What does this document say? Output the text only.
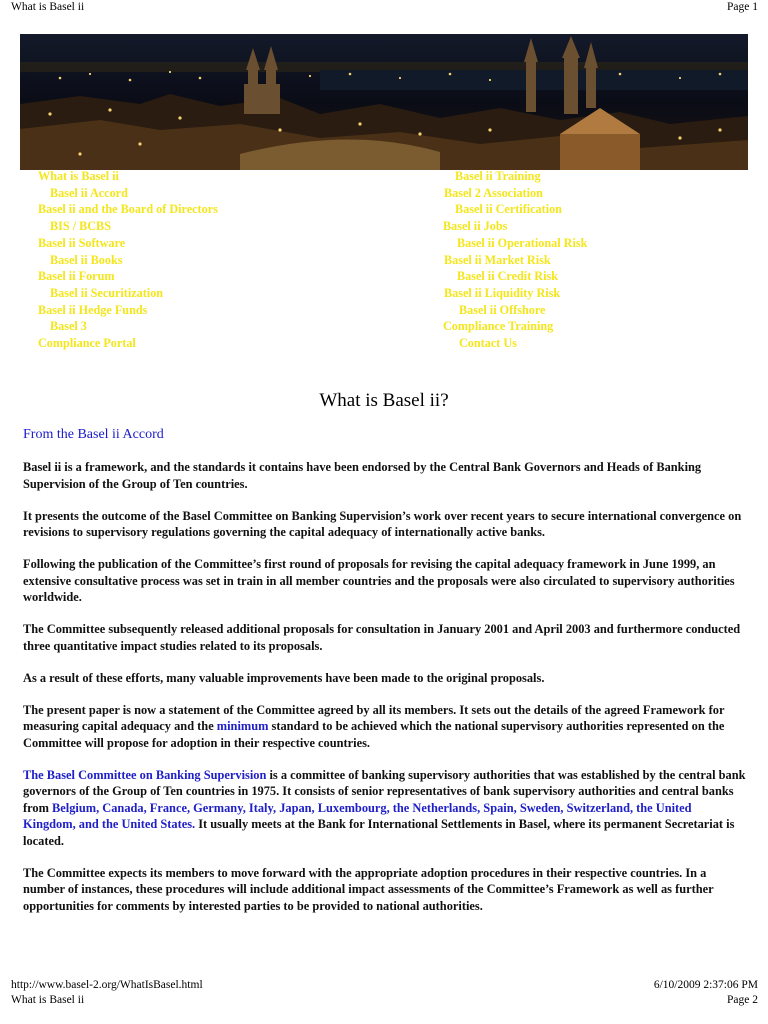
What is Basel ii	Page 1
What is Basel ii
Basel ii Accord
Basel ii and the Board of Directors
BIS / BCBS
Basel ii Software
Basel ii Books
Basel ii Forum
Basel ii Securitization
Basel ii Hedge Funds
Basel 3
Compliance Portal
Basel ii Training
Basel 2 Association
Basel ii Certification
Basel ii Jobs
Basel ii Operational Risk
Basel ii Market Risk
Basel ii Credit Risk
Basel ii Liquidity Risk
Basel ii Offshore
Compliance Training
Contact Us
What is Basel ii?
From the Basel ii Accord

Basel ii is a framework, and the standards it contains have been endorsed by the Central Bank Governors and Heads of Banking Supervision of the Group of Ten countries.

It presents the outcome of the Basel Committee on Banking Supervision’s work over recent years to secure international convergence on revisions to supervisory regulations governing the capital adequacy of internationally active banks.

Following the publication of the Committee’s first round of proposals for revising the capital adequacy framework in June 1999, an extensive consultative process was set in train in all member countries and the proposals were also circulated to supervisory authorities worldwide.

The Committee subsequently released additional proposals for consultation in January 2001 and April 2003 and furthermore conducted three quantitative impact studies related to its proposals.

As a result of these efforts, many valuable improvements have been made to the original proposals.

The present paper is now a statement of the Committee agreed by all its members. It sets out the details of the agreed Framework for measuring capital adequacy and the minimum standard to be achieved which the national supervisory authorities represented on the Committee will propose for adoption in their respective countries.

The Basel Committee on Banking Supervision is a committee of banking supervisory authorities that was established by the central bank governors of the Group of Ten countries in 1975. It consists of senior representatives of bank supervisory authorities and central banks from Belgium, Canada, France, Germany, Italy, Japan, Luxembourg, the Netherlands, Spain, Sweden, Switzerland, the United Kingdom, and the United States. It usually meets at the Bank for International Settlements in Basel, where its permanent Secretariat is located.

The Committee expects its members to move forward with the appropriate adoption procedures in their respective countries. In a number of instances, these procedures will include additional impact assessments of the Committee’s Framework as well as further opportunities for comments by interested parties to be provided to national authorities.

http://www.basel-2.org/WhatIsBasel.html	6/10/2009 2:37:06 PM
What is Basel ii	Page 2
